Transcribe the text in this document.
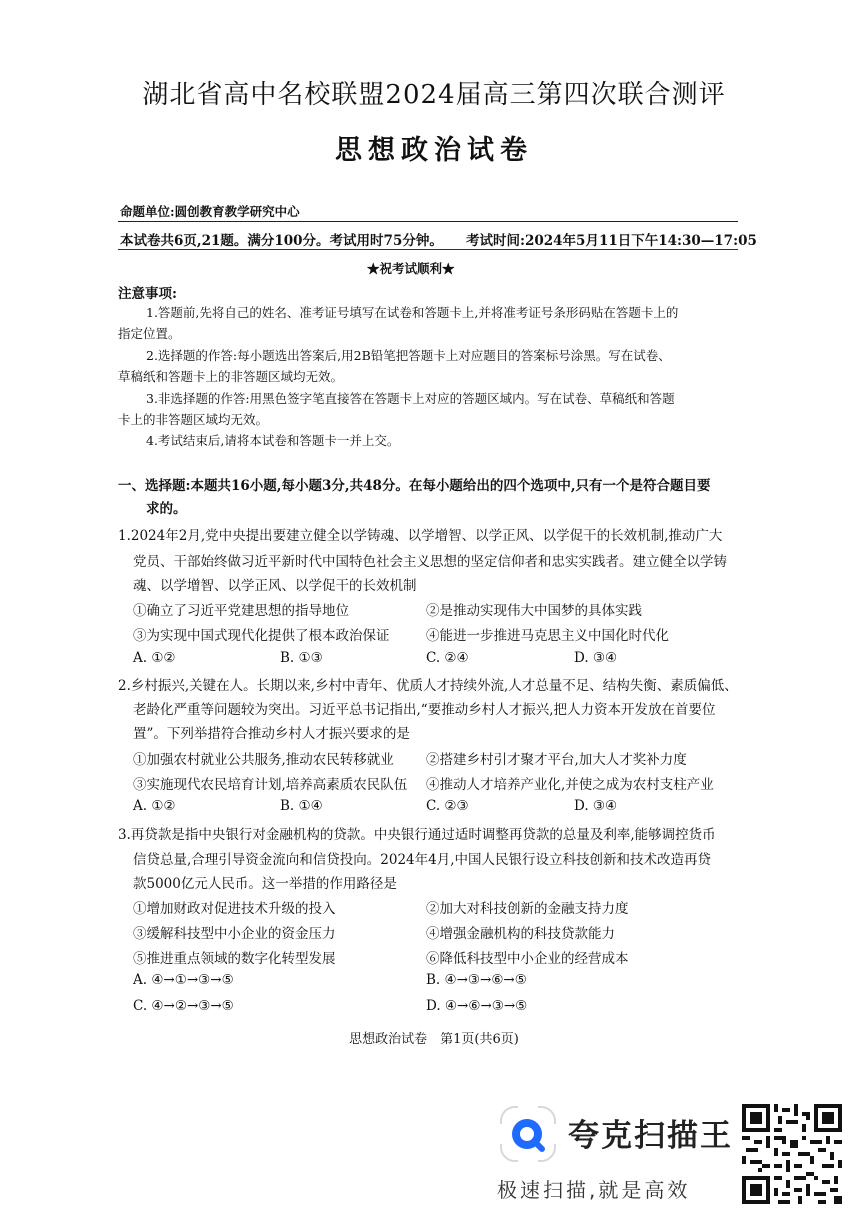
湖北省高中名校联盟2024届高三第四次联合测评
思想政治试卷
命题单位:圆创教育教学研究中心
本试卷共6页,21题。满分100分。考试用时75分钟。 考试时间:2024年5月11日下午14:30—17:05
★祝考试顺利★
注意事项:
1.答题前,先将自己的姓名、准考证号填写在试卷和答题卡上,并将准考证号条形码贴在答题卡上的
指定位置。
2.选择题的作答:每小题选出答案后,用2B铅笔把答题卡上对应题目的答案标号涂黑。写在试卷、
草稿纸和答题卡上的非答题区域均无效。
3.非选择题的作答:用黑色签字笔直接答在答题卡上对应的答题区域内。写在试卷、草稿纸和答题
卡上的非答题区域均无效。
4.考试结束后,请将本试卷和答题卡一并上交。
一、选择题:本题共16小题,每小题3分,共48分。在每小题给出的四个选项中,只有一个是符合题目要
求的。
1.2024年2月,党中央提出要建立健全以学铸魂、以学增智、以学正风、以学促干的长效机制,推动广大
党员、干部始终做习近平新时代中国特色社会主义思想的坚定信仰者和忠实实践者。建立健全以学铸
魂、以学增智、以学正风、以学促干的长效机制
①确立了习近平党建思想的指导地位	②是推动实现伟大中国梦的具体实践
③为实现中国式现代化提供了根本政治保证	④能进一步推进马克思主义中国化时代化
A. ①②	B. ①③	C. ②④	D. ③④
2.乡村振兴,关键在人。长期以来,乡村中青年、优质人才持续外流,人才总量不足、结构失衡、素质偏低、
老龄化严重等问题较为突出。习近平总书记指出,“要推动乡村人才振兴,把人力资本开发放在首要位
置”。下列举措符合推动乡村人才振兴要求的是
①加强农村就业公共服务,推动农民转移就业 ②搭建乡村引才聚才平台,加大人才奖补力度
③实施现代农民培育计划,培养高素质农民队伍 ④推动人才培养产业化,并使之成为农村支柱产业
A. ①②	B. ①④	C. ②③	D. ③④
3.再贷款是指中央银行对金融机构的贷款。中央银行通过适时调整再贷款的总量及利率,能够调控货币
信贷总量,合理引导资金流向和信贷投向。2024年4月,中国人民银行设立科技创新和技术改造再贷
款5000亿元人民币。这一举措的作用路径是
①增加财政对促进技术升级的投入	②加大对科技创新的金融支持力度
③缓解科技型中小企业的资金压力	④增强金融机构的科技贷款能力
⑤推进重点领域的数字化转型发展	⑥降低科技型中小企业的经营成本
A. ④→①→③→⑤	B. ④→③→⑥→⑤
C. ④→②→③→⑤	D. ④→⑥→③→⑤
思想政治试卷　第1页(共6页)
夸克扫描王
极速扫描,就是高效
